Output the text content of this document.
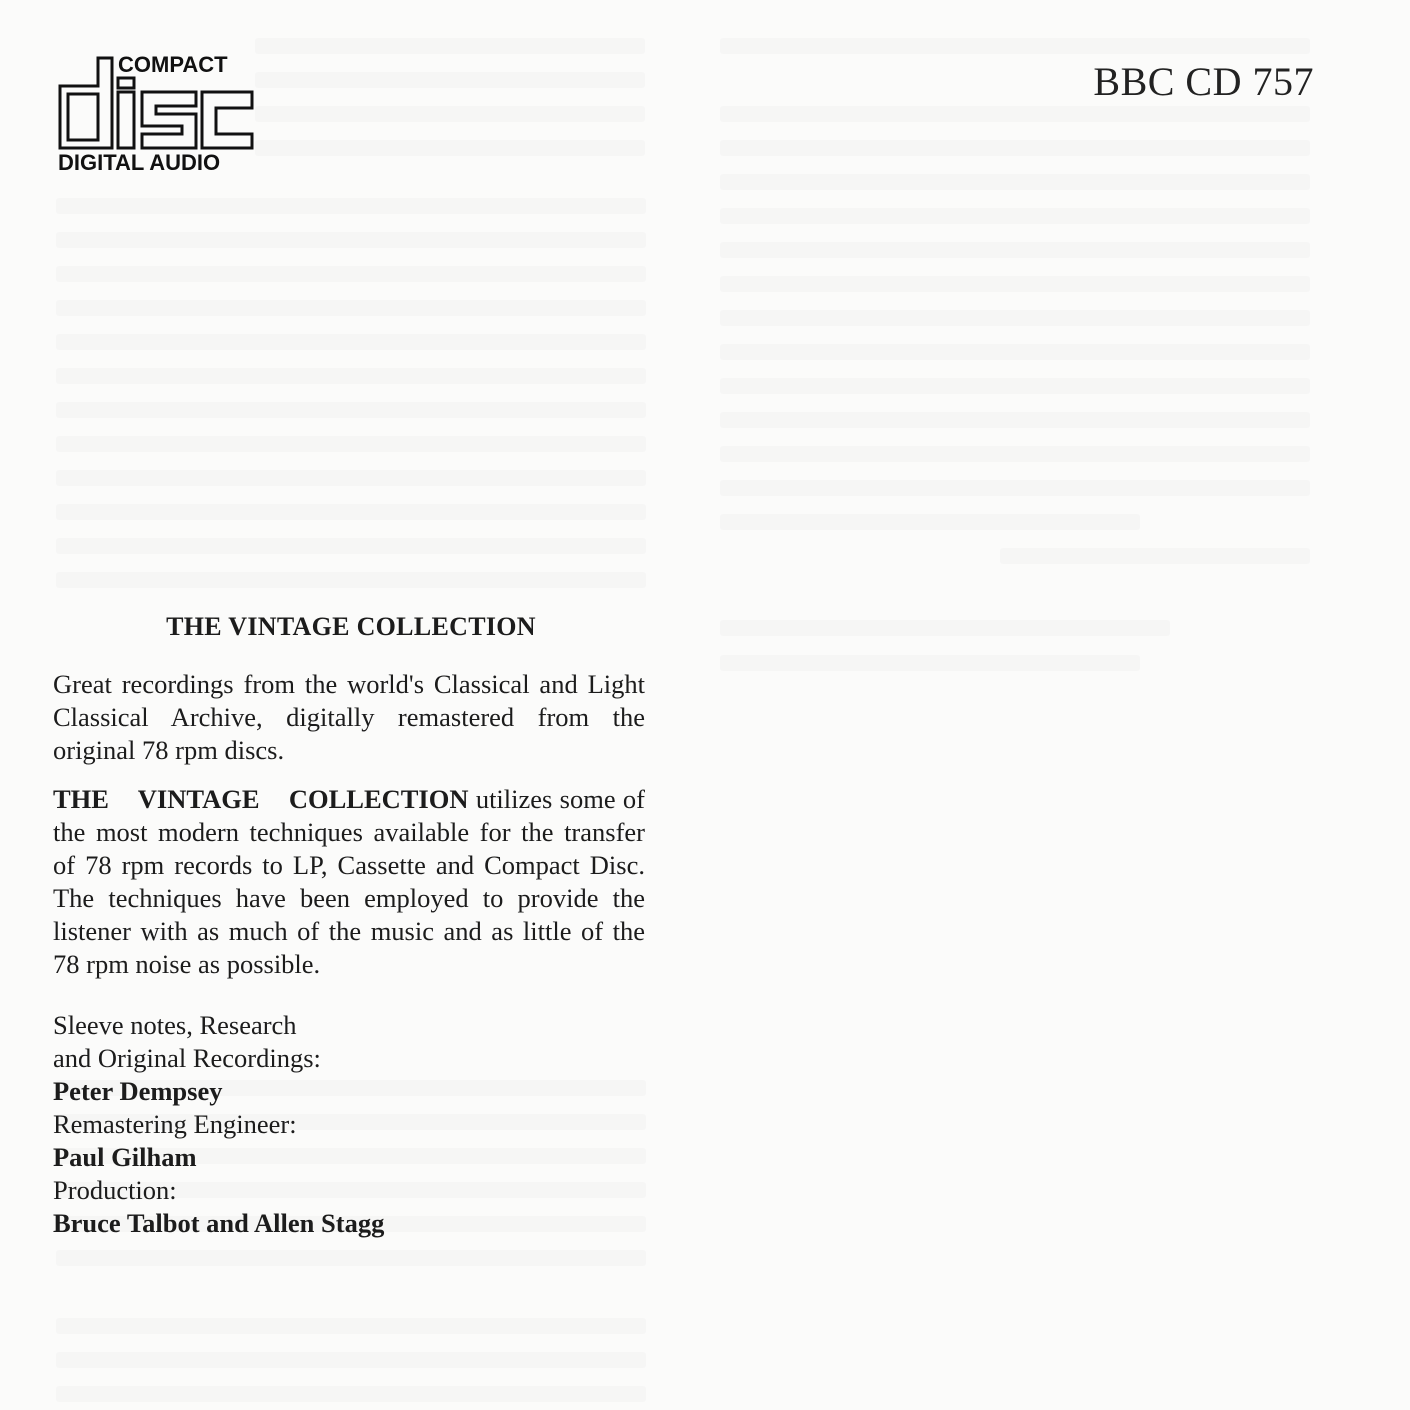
COMPACT
DIGITAL AUDIO
BBC CD 757
THE VINTAGE COLLECTION

Great recordings from the world's Classical and Light Classical Archive, digitally remastered from the original 78 rpm discs.

THE VINTAGE COLLECTION utilizes some of the most modern techniques available for the transfer of 78 rpm records to LP, Cassette and Compact Disc. The techniques have been employed to provide the listener with as much of the music and as little of the 78 rpm noise as possible.

Sleeve notes, Research
and Original Recordings:
Peter Dempsey
Remastering Engineer:
Paul Gilham
Production:
Bruce Talbot and Allen Stagg
